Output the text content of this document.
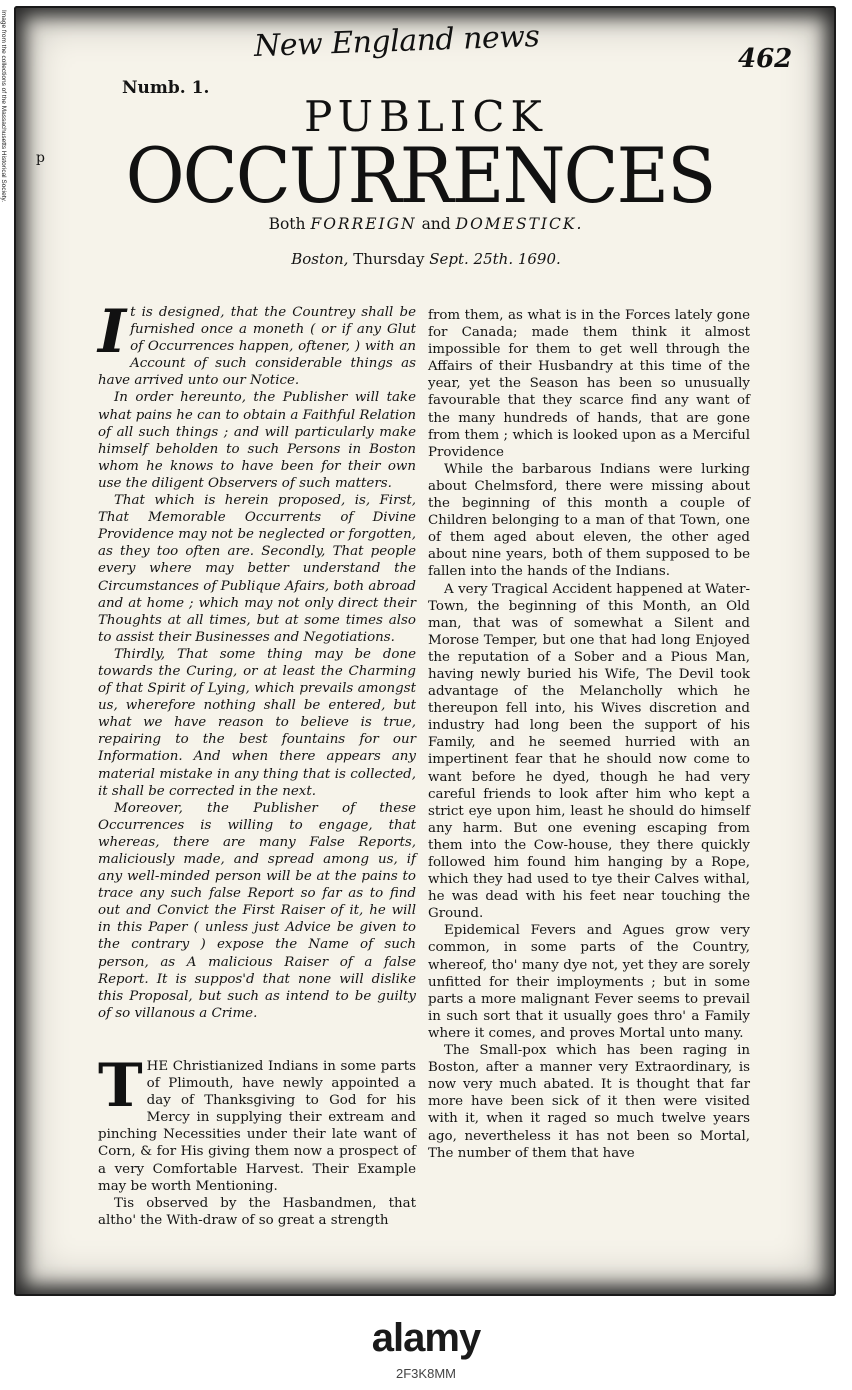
Image from the collections of the Massachusetts Historical Society.	New England news	462
Numb. 1.
p
PUBLICK
OCCURRENCES
Both FORREIGN and DOMESTICK.
Boston, Thursday Sept. 25th. 1690.

It is designed, that the Countrey shall be furnished once a moneth ( or if any Glut of Occurrences happen, oftener, ) with an Account of such considerable things as have arrived unto our Notice.

In order hereunto, the Publisher will take what pains he can to obtain a Faithful Relation of all such things ; and will particularly make himself beholden to such Persons in Boston whom he knows to have been for their own use the diligent Observers of such matters.

That which is herein proposed, is, First, That Memorable Occurrents of Divine Providence may not be neglected or forgotten, as they too often are. Secondly, That people every where may better understand the Circumstances of Publique Afairs, both abroad and at home ; which may not only direct their Thoughts at all times, but at some times also to assist their Businesses and Negotiations.

Thirdly, That some thing may be done towards the Curing, or at least the Charming of that Spirit of Lying, which prevails amongst us, wherefore nothing shall be entered, but what we have reason to believe is true, repairing to the best fountains for our Information. And when there appears any material mistake in any thing that is collected, it shall be corrected in the next.

Moreover, the Publisher of these Occurrences is willing to engage, that whereas, there are many False Reports, maliciously made, and spread among us, if any well-minded person will be at the pains to trace any such false Report so far as to find out and Convict the First Raiser of it, he will in this Paper ( unless just Advice be given to the contrary ) expose the Name of such person, as A malicious Raiser of a false Report. It is suppos'd that none will dislike this Proposal, but such as intend to be guilty of so villanous a Crime.

THE Christianized Indians in some parts of Plimouth, have newly appointed a day of Thanksgiving to God for his Mercy in supplying their extream and pinching Necessities under their late want of Corn, & for His giving them now a prospect of a very Comfortable Harvest. Their Example may be worth Mentioning.

Tis observed by the Hasbandmen, that altho' the With-draw of so great a strength

from them, as what is in the Forces lately gone for Canada; made them think it almost impossible for them to get well through the Affairs of their Husbandry at this time of the year, yet the Season has been so unusually favourable that they scarce find any want of the many hundreds of hands, that are gone from them ; which is looked upon as a Merciful Providence

While the barbarous Indians were lurking about Chelmsford, there were missing about the beginning of this month a couple of Children belonging to a man of that Town, one of them aged about eleven, the other aged about nine years, both of them supposed to be fallen into the hands of the Indians.

A very Tragical Accident happened at Water-Town, the beginning of this Month, an Old man, that was of somewhat a Silent and Morose Temper, but one that had long Enjoyed the reputation of a Sober and a Pious Man, having newly buried his Wife, The Devil took advantage of the Melancholly which he thereupon fell into, his Wives discretion and industry had long been the support of his Family, and he seemed hurried with an impertinent fear that he should now come to want before he dyed, though he had very careful friends to look after him who kept a strict eye upon him, least he should do himself any harm. But one evening escaping from them into the Cow-house, they there quickly followed him found him hanging by a Rope, which they had used to tye their Calves withal, he was dead with his feet near touching the Ground.

Epidemical Fevers and Agues grow very common, in some parts of the Country, whereof, tho' many dye not, yet they are sorely unfitted for their imployments ; but in some parts a more malignant Fever seems to prevail in such sort that it usually goes thro' a Family where it comes, and proves Mortal unto many.

The Small-pox which has been raging in Boston, after a manner very Extraordinary, is now very much abated. It is thought that far more have been sick of it then were visited with it, when it raged so much twelve years ago, nevertheless it has not been so Mortal, The number of them that have

alamy
2F3K8MM
